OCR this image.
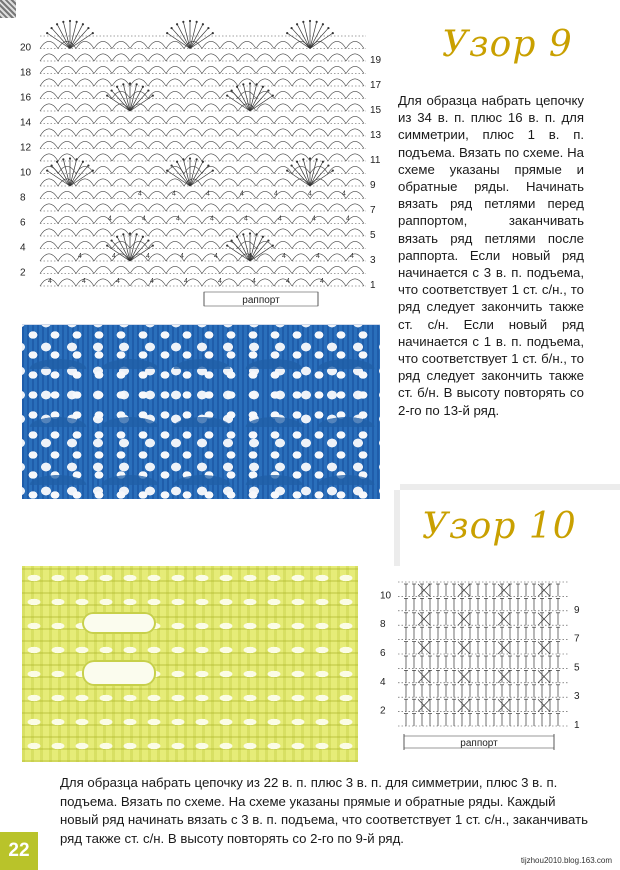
20
18
16
14
12
10
8
6
4
2
19
17
15
13
11
9
7
5
3
1
4	4	4	4	4	4	4	4	4
4	4	4	4	4	4	4	4	4
4	4	4	4	4	4	4	4
4	4	4	4	4	4	4
раппорт
Узор 9

Для образца набрать цепочку из 34 в. п. плюс 16 в. п. для симметрии, плюс 1 в. п. подъема. Вязать по схеме. На схеме указаны прямые и обратные ряды. Начинать вязать ряд петлями перед раппортом, заканчивать вязать ряд петлями после раппорта. Если новый ряд начинается с 3 в. п. подъема, что соответствует 1 ст. с/н., то ряд следует закончить также ст. с/н. Если новый ряд начинается с 1 в. п. подъема, что соответствует 1 ст. б/н., то ряд следует закончить также ст. б/н. В высоту повторять со 2-го по 13-й ряд.

Узор 10
10
8
6
4
2
9
7
5
3
1
раппорт

Для образца набрать цепочку из 22 в. п. плюс 3 в. п. для симметрии, плюс 3 в. п. подъема. Вязать по схеме. На схеме указаны прямые и обратные ряды. Каждый новый ряд начинать вязать с 3 в. п. подъема, что соответствует 1 ст. с/н., заканчивать ряд также ст. с/н. В высоту повторять со 2-го по 9-й ряд.

22	tijzhou2010.blog.163.com
